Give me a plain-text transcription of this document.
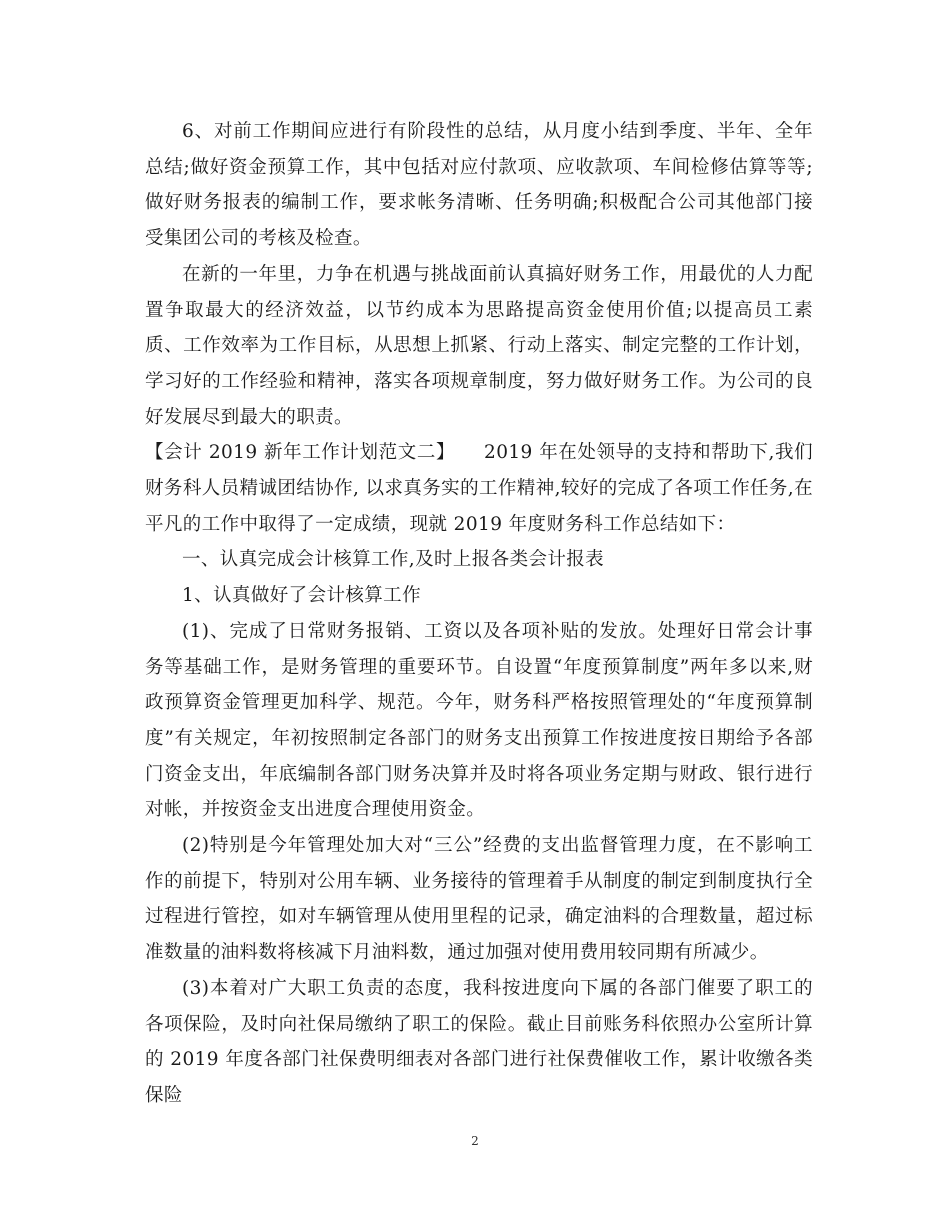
6、对前工作期间应进行有阶段性的总结，从月度小结到季度、半年、全年总结;做好资金预算工作，其中包括对应付款项、应收款项、车间检修估算等等;做好财务报表的编制工作，要求帐务清晰、任务明确;积极配合公司其他部门接受集团公司的考核及检查。

在新的一年里，力争在机遇与挑战面前认真搞好财务工作，用最优的人力配置争取最大的经济效益，以节约成本为思路提高资金使用价值;以提高员工素质、工作效率为工作目标，从思想上抓紧、行动上落实、制定完整的工作计划，学习好的工作经验和精神，落实各项规章制度，努力做好财务工作。为公司的良好发展尽到最大的职责。

【会计 2019 新年工作计划范文二】　　2019 年在处领导的支持和帮助下,我们财务科人员精诚团结协作, 以求真务实的工作精神,较好的完成了各项工作任务,在平凡的工作中取得了一定成绩，现就 2019 年度财务科工作总结如下：

一、认真完成会计核算工作,及时上报各类会计报表

1、认真做好了会计核算工作

(1)、完成了日常财务报销、工资以及各项补贴的发放。处理好日常会计事务等基础工作，是财务管理的重要环节。自设置“年度预算制度”两年多以来,财政预算资金管理更加科学、规范。今年，财务科严格按照管理处的“年度预算制度”有关规定，年初按照制定各部门的财务支出预算工作按进度按日期给予各部门资金支出，年底编制各部门财务决算并及时将各项业务定期与财政、银行进行对帐，并按资金支出进度合理使用资金。

(2)特别是今年管理处加大对“三公”经费的支出监督管理力度，在不影响工作的前提下，特别对公用车辆、业务接待的管理着手从制度的制定到制度执行全过程进行管控，如对车辆管理从使用里程的记录，确定油料的合理数量，超过标准数量的油料数将核减下月油料数，通过加强对使用费用较同期有所减少。

(3)本着对广大职工负责的态度，我科按进度向下属的各部门催要了职工的各项保险，及时向社保局缴纳了职工的保险。截止目前账务科依照办公室所计算的 2019 年度各部门社保费明细表对各部门进行社保费催收工作，累计收缴各类保险

2
